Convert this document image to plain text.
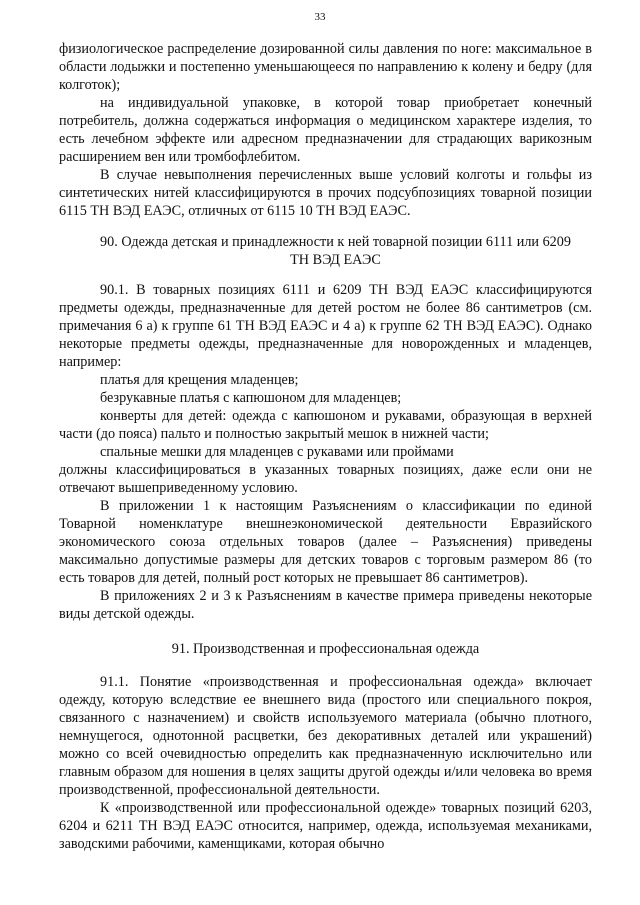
33

физиологическое распределение дозированной силы давления по ноге: максимальное в области лодыжки и постепенно уменьшающееся по направлению к колену и бедру (для колготок);

на индивидуальной упаковке, в которой товар приобретает конечный потребитель, должна содержаться информация о медицинском характере изделия, то есть лечебном эффекте или адресном предназначении для страдающих варикозным расширением вен или тромбофлебитом.

В случае невыполнения перечисленных выше условий колготы и гольфы из синтетических нитей классифицируются в прочих подсубпозициях товарной позиции 6115 ТН ВЭД ЕАЭС, отличных от 6115 10 ТН ВЭД ЕАЭС.

90. Одежда детская и принадлежности к ней товарной позиции 6111 или 6209 ТН ВЭД ЕАЭС

90.1. В товарных позициях 6111 и 6209 ТН ВЭД ЕАЭС классифицируются предметы одежды, предназначенные для детей ростом не более 86 сантиметров (см. примечания 6 а) к группе 61 ТН ВЭД ЕАЭС и 4 а) к группе 62 ТН ВЭД ЕАЭС). Однако некоторые предметы одежды, предназначенные для новорожденных и младенцев, например:

платья для крещения младенцев;

безрукавные платья с капюшоном для младенцев;

конверты для детей: одежда с капюшоном и рукавами, образующая в верхней части (до пояса) пальто и полностью закрытый мешок в нижней части;

спальные мешки для младенцев с рукавами или проймами

должны классифицироваться в указанных товарных позициях, даже если они не отвечают вышеприведенному условию.

В приложении 1 к настоящим Разъяснениям о классификации по единой Товарной номенклатуре внешнеэкономической деятельности Евразийского экономического союза отдельных товаров (далее – Разъяснения) приведены максимально допустимые размеры для детских товаров с торговым размером 86 (то есть товаров для детей, полный рост которых не превышает 86 сантиметров).

В приложениях 2 и 3 к Разъяснениям в качестве примера приведены некоторые виды детской одежды.

91. Производственная и профессиональная одежда

91.1. Понятие «производственная и профессиональная одежда» включает одежду, которую вследствие ее внешнего вида (простого или специального покроя, связанного с назначением) и свойств используемого материала (обычно плотного, немнущегося, однотонной расцветки, без декоративных деталей или украшений) можно со всей очевидностью определить как предназначенную исключительно или главным образом для ношения в целях защиты другой одежды и/или человека во время производственной, профессиональной деятельности.

К «производственной или профессиональной одежде» товарных позиций 6203, 6204 и 6211 ТН ВЭД ЕАЭС относится, например, одежда, используемая механиками, заводскими рабочими, каменщиками, которая обычно
